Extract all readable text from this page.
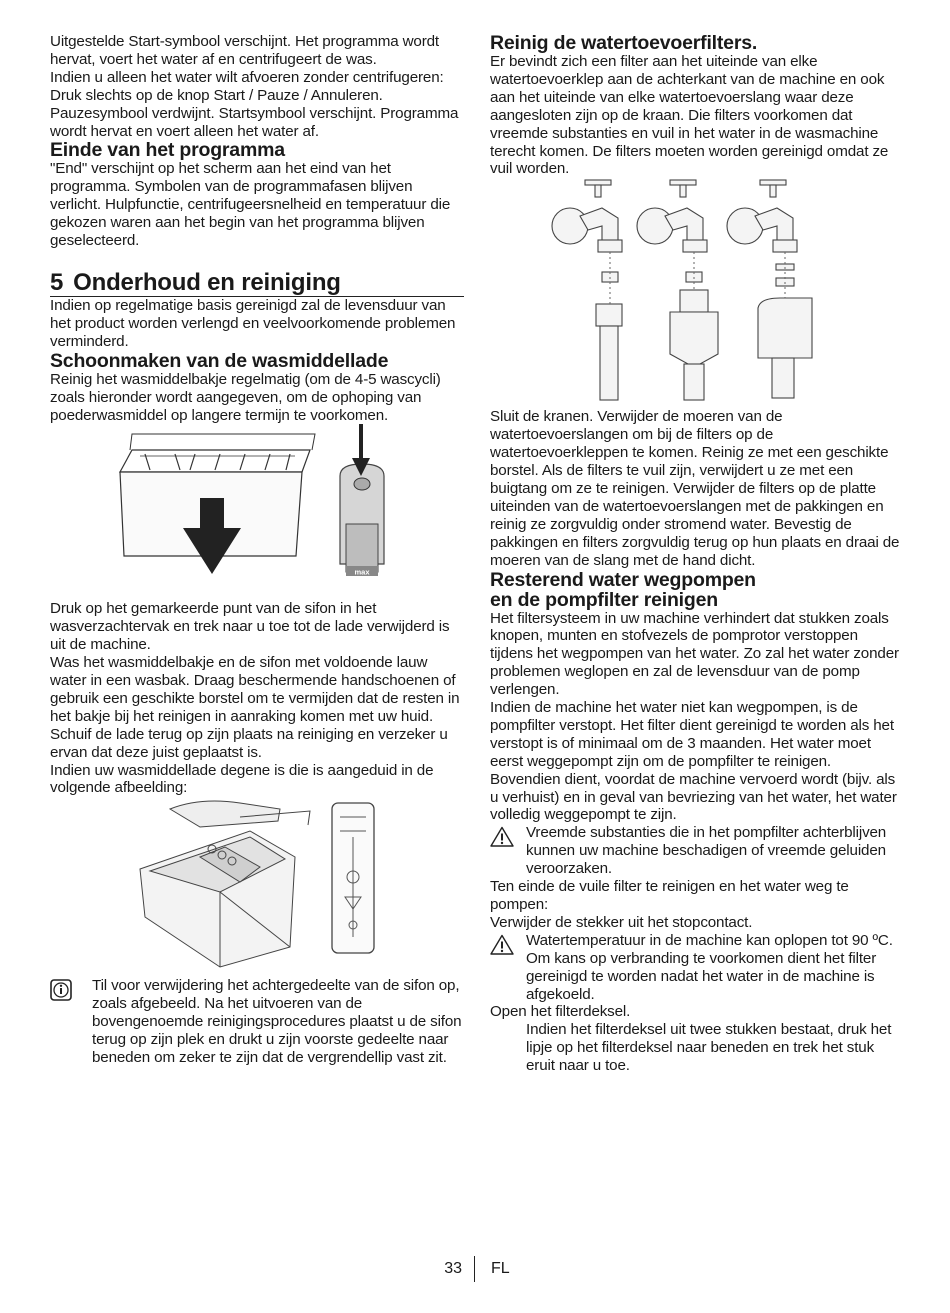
Uitgestelde Start-symbool verschijnt. Het programma wordt hervat, voert het water af en centrifugeert de was.

Indien u alleen het water wilt afvoeren zonder centrifugeren:

Druk slechts op de knop Start / Pauze / Annuleren. Pauzesymbool verdwijnt. Startsymbool verschijnt. Programma wordt hervat en voert alleen het water af.

Einde van het programma

"End" verschijnt op het scherm aan het eind van het programma. Symbolen van de programmafasen blijven verlicht. Hulpfunctie, centrifugeersnelheid en temperatuur die gekozen waren aan het begin van het programma blijven geselecteerd.

5 Onderhoud en reiniging

Indien op regelmatige basis gereinigd zal de levensduur van het product worden verlengd en veelvoorkomende problemen verminderd.

Schoonmaken van de wasmiddellade

Reinig het wasmiddelbakje regelmatig (om de 4-5 wascycli) zoals hieronder wordt aangegeven, om de ophoping van poederwasmiddel op langere termijn te voorkomen.

max

Druk op het gemarkeerde punt van de sifon in het wasverzachtervak en trek naar u toe tot de lade verwijderd is uit de machine.

Was het wasmiddelbakje en de sifon met voldoende lauw water in een wasbak. Draag beschermende handschoenen of gebruik een geschikte borstel om te vermijden dat de resten in het bakje bij het reinigen in aanraking komen met uw huid. Schuif de lade terug op zijn plaats na reiniging en verzeker u ervan dat deze juist geplaatst is.

Indien uw wasmiddellade degene is die is aangeduid in de volgende afbeelding:

Til voor verwijdering het achtergedeelte van de sifon op, zoals afgebeeld. Na het uitvoeren van de bovengenoemde reinigingsprocedures plaatst u de sifon terug op zijn plek en drukt u zijn voorste gedeelte naar beneden om zeker te zijn dat de vergrendellip vast zit.

Reinig de watertoevoerfilters.

Er bevindt zich een filter aan het uiteinde van elke watertoevoerklep aan de achterkant van de machine en ook aan het uiteinde van elke watertoevoerslang waar deze aangesloten zijn op de kraan. Die filters voorkomen dat vreemde substanties en vuil in het water in de wasmachine terecht komen. De filters moeten worden gereinigd omdat ze vuil worden.

Sluit de kranen. Verwijder de moeren van de watertoevoerslangen om bij de filters op de watertoevoerkleppen te komen. Reinig ze met een geschikte borstel. Als de filters te vuil zijn, verwijdert u ze met een buigtang om ze te reinigen. Verwijder de filters op de platte uiteinden van de watertoevoerslangen met de pakkingen en reinig ze zorgvuldig onder stromend water. Bevestig de pakkingen en filters zorgvuldig terug op hun plaats en draai de moeren van de slang met de hand dicht.

Resterend water wegpompen
en de pompfilter reinigen

Het filtersysteem in uw machine verhindert dat stukken zoals knopen, munten en stofvezels de pomprotor verstoppen tijdens het wegpompen van het water. Zo zal het water zonder problemen weglopen en zal de levensduur van de pomp verlengen.

Indien de machine het water niet kan wegpompen, is de pompfilter verstopt. Het filter dient gereinigd te worden als het verstopt is of minimaal om de 3 maanden. Het water moet eerst weggepompt zijn om de pompfilter te reinigen.

Bovendien dient, voordat de machine vervoerd wordt (bijv. als u verhuist) en in geval van bevriezing van het water, het water volledig weggepompt te zijn.

Vreemde substanties die in het pompfilter achterblijven kunnen uw machine beschadigen of vreemde geluiden veroorzaken.

Ten einde de vuile filter te reinigen en het water weg te pompen:

Verwijder de stekker uit het stopcontact.

Watertemperatuur in de machine kan oplopen tot 90 ºC. Om kans op verbranding te voorkomen dient het filter gereinigd te worden nadat het water in de machine is afgekoeld.

Open het filterdeksel.

Indien het filterdeksel uit twee stukken bestaat, druk het lipje op het filterdeksel naar beneden en trek het stuk eruit naar u toe.

33 FL
